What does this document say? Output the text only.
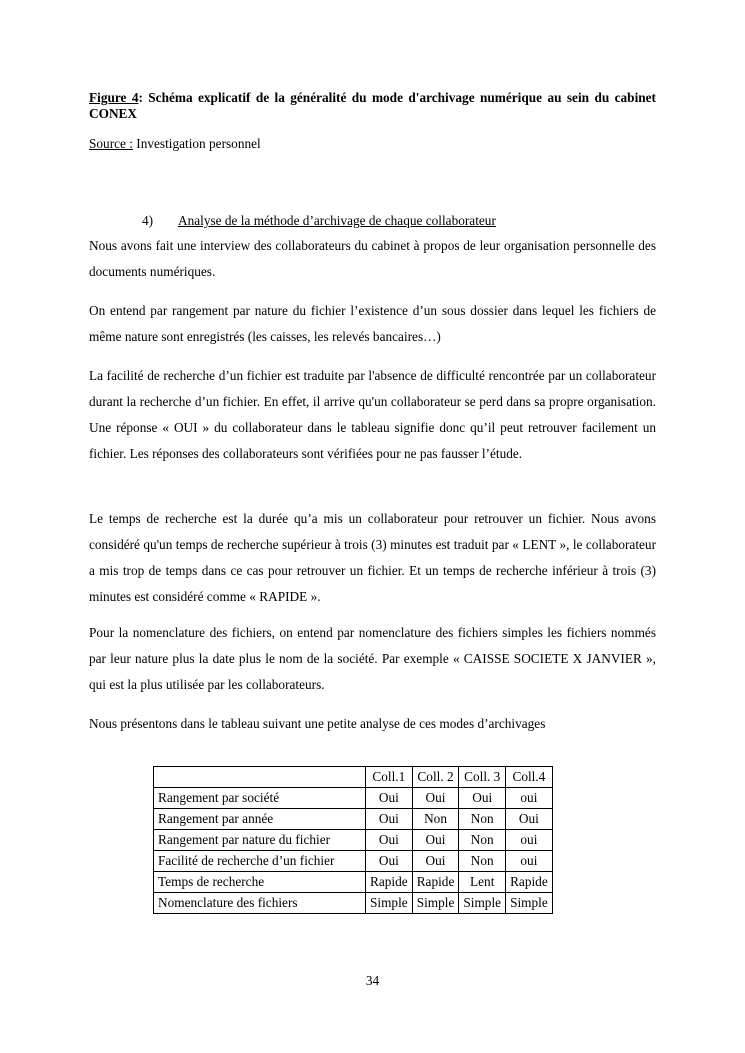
Figure 4: Schéma explicatif de la généralité du mode d'archivage numérique au sein du cabinet CONEX
Source : Investigation personnel
4) Analyse de la méthode d’archivage de chaque collaborateur

Nous avons fait une interview des collaborateurs du cabinet à propos de leur organisation personnelle des documents numériques.

On entend par rangement par nature du fichier l’existence d’un sous dossier dans lequel les fichiers de même nature sont enregistrés (les caisses, les relevés bancaires…)

La facilité de recherche d’un fichier est traduite par l'absence de difficulté rencontrée par un collaborateur durant la recherche d’un fichier. En effet, il arrive qu'un collaborateur se perd dans sa propre organisation. Une réponse « OUI » du collaborateur dans le tableau signifie donc qu’il peut retrouver facilement un fichier. Les réponses des collaborateurs sont vérifiées pour ne pas fausser l’étude.

Le temps de recherche est la durée qu’a mis un collaborateur pour retrouver un fichier. Nous avons considéré qu'un temps de recherche supérieur à trois (3) minutes est traduit par « LENT », le collaborateur a mis trop de temps dans ce cas pour retrouver un fichier. Et un temps de recherche inférieur à trois (3) minutes est considéré comme « RAPIDE ».

Pour la nomenclature des fichiers, on entend par nomenclature des fichiers simples les fichiers nommés par leur nature plus la date plus le nom de la société. Par exemple « CAISSE SOCIETE X JANVIER », qui est la plus utilisée par les collaborateurs.

Nous présentons dans le tableau suivant une petite analyse de ces modes d’archivages

	Coll.1	Coll. 2	Coll. 3	Coll.4
Rangement par société	Oui	Oui	Oui	oui
Rangement par année	Oui	Non	Non	Oui
Rangement par nature du fichier	Oui	Oui	Non	oui
Facilité de recherche d’un fichier	Oui	Oui	Non	oui
Temps de recherche	Rapide	Rapide	Lent	Rapide
Nomenclature des fichiers	Simple	Simple	Simple	Simple
34
